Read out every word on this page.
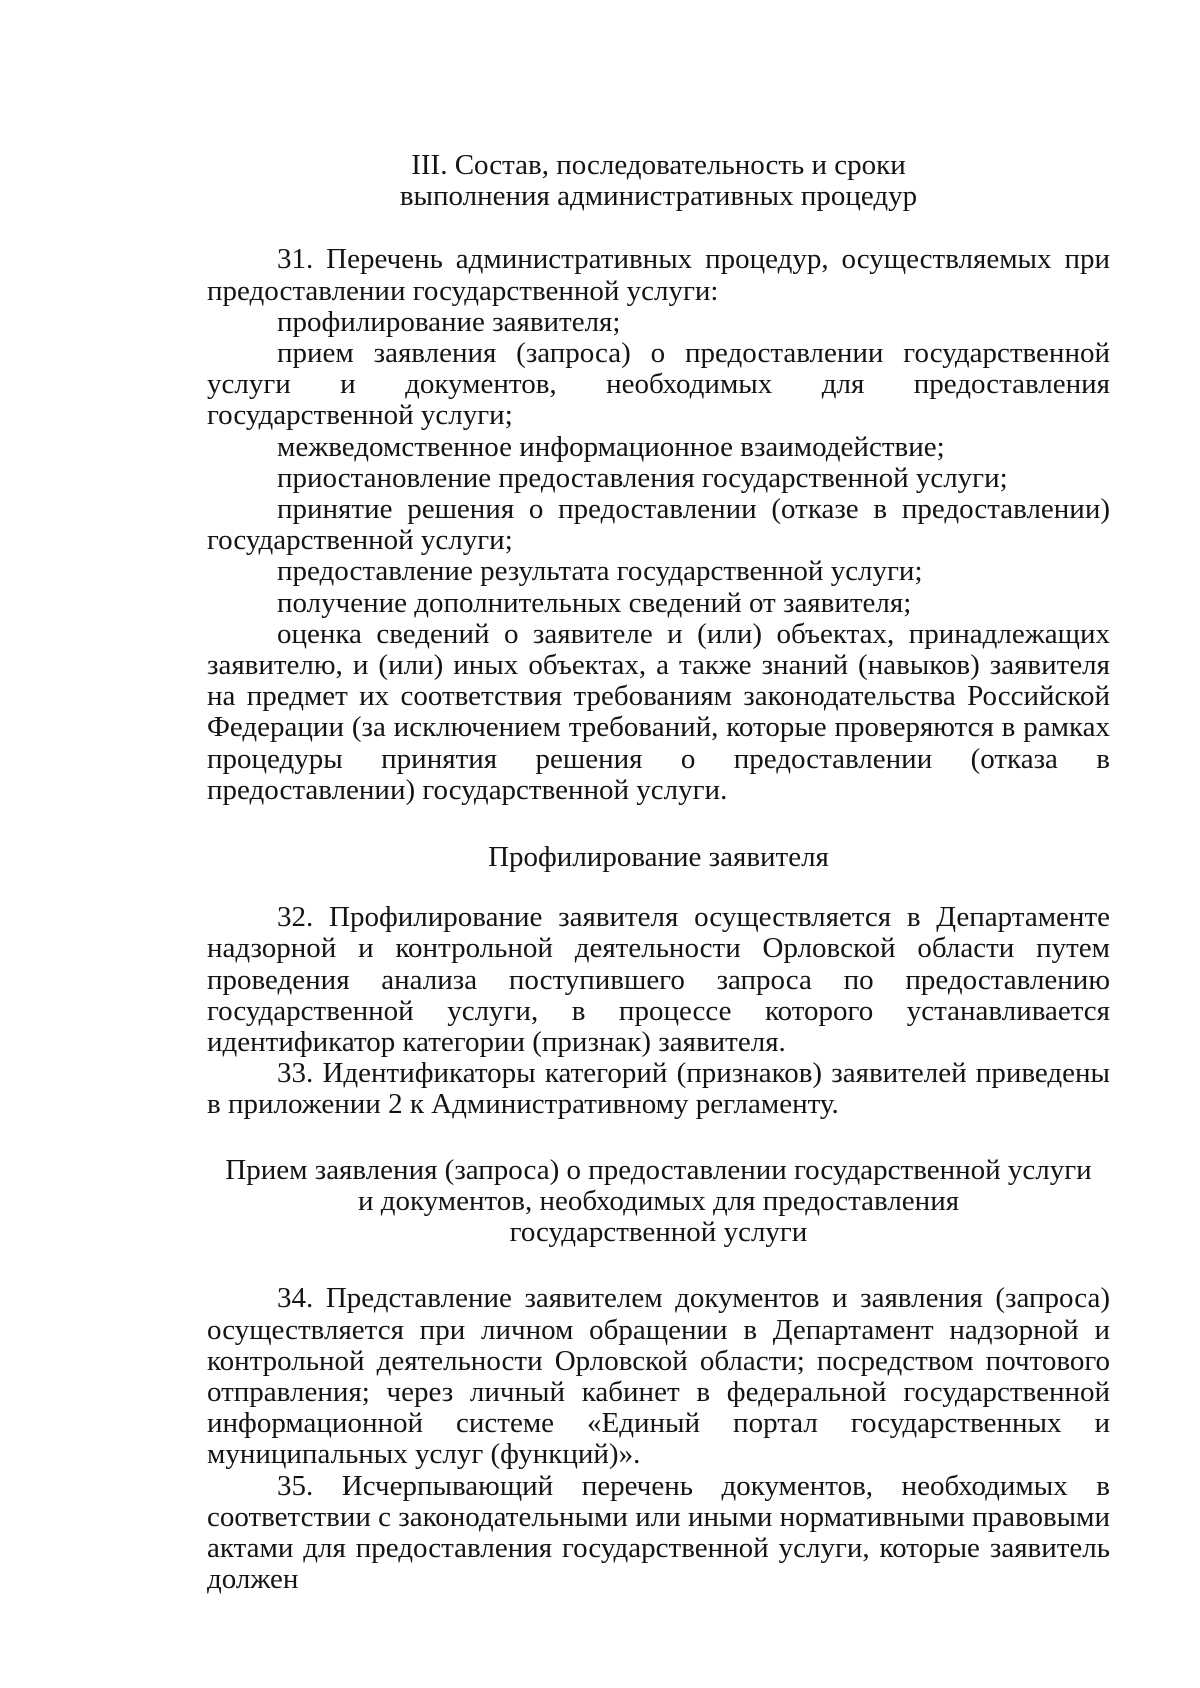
III. Состав, последовательность и сроки
выполнения административных процедур

31. Перечень административных процедур, осуществляемых при предоставлении государственной услуги:

профилирование заявителя;

прием заявления (запроса) о предоставлении государственной услуги и документов, необходимых для предоставления государственной услуги;

межведомственное информационное взаимодействие;

приостановление предоставления государственной услуги;

принятие решения о предоставлении (отказе в предоставлении) государственной услуги;

предоставление результата государственной услуги;

получение дополнительных сведений от заявителя;

оценка сведений о заявителе и (или) объектах, принадлежащих заявителю, и (или) иных объектах, а также знаний (навыков) заявителя на предмет их соответствия требованиям законодательства Российской Федерации (за исключением требований, которые проверяются в рамках процедуры принятия решения о предоставлении (отказа в предоставлении) государственной услуги.

Профилирование заявителя

32. Профилирование заявителя осуществляется в Департаменте надзорной и контрольной деятельности Орловской области путем проведения анализа поступившего запроса по предоставлению государственной услуги, в процессе которого устанавливается идентификатор категории (признак) заявителя.

33. Идентификаторы категорий (признаков) заявителей приведены в приложении 2 к Административному регламенту.

Прием заявления (запроса) о предоставлении государственной услуги
и документов, необходимых для предоставления
государственной услуги

34. Представление заявителем документов и заявления (запроса) осуществляется при личном обращении в Департамент надзорной и контрольной деятельности Орловской области; посредством почтового отправления; через личный кабинет в федеральной государственной информационной системе «Единый портал государственных и муниципальных услуг (функций)».

35. Исчерпывающий перечень документов, необходимых в соответствии с законодательными или иными нормативными правовыми актами для предоставления государственной услуги, которые заявитель должен
